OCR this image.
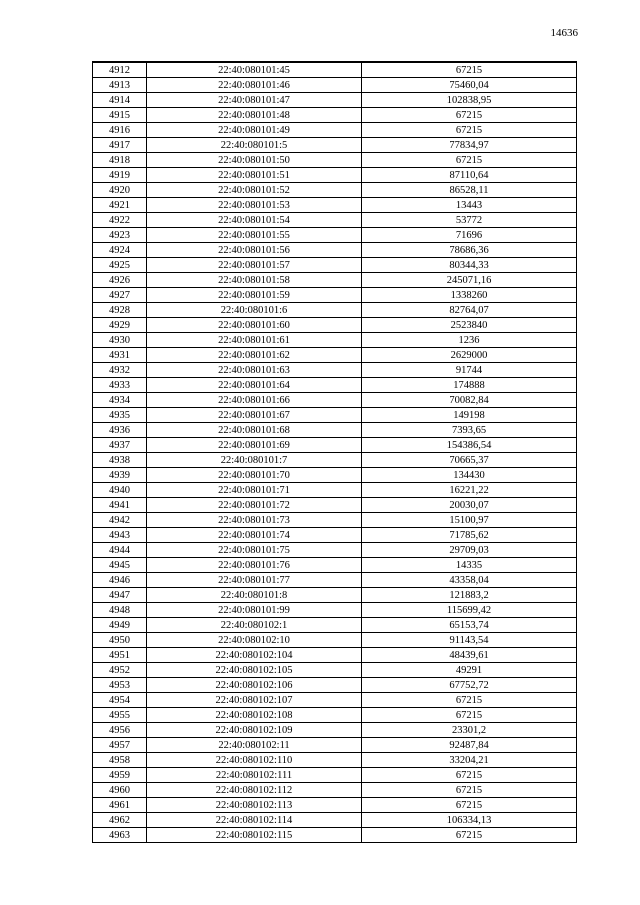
14636
4912	22:40:080101:45	67215
4913	22:40:080101:46	75460,04
4914	22:40:080101:47	102838,95
4915	22:40:080101:48	67215
4916	22:40:080101:49	67215
4917	22:40:080101:5	77834,97
4918	22:40:080101:50	67215
4919	22:40:080101:51	87110,64
4920	22:40:080101:52	86528,11
4921	22:40:080101:53	13443
4922	22:40:080101:54	53772
4923	22:40:080101:55	71696
4924	22:40:080101:56	78686,36
4925	22:40:080101:57	80344,33
4926	22:40:080101:58	245071,16
4927	22:40:080101:59	1338260
4928	22:40:080101:6	82764,07
4929	22:40:080101:60	2523840
4930	22:40:080101:61	1236
4931	22:40:080101:62	2629000
4932	22:40:080101:63	91744
4933	22:40:080101:64	174888
4934	22:40:080101:66	70082,84
4935	22:40:080101:67	149198
4936	22:40:080101:68	7393,65
4937	22:40:080101:69	154386,54
4938	22:40:080101:7	70665,37
4939	22:40:080101:70	134430
4940	22:40:080101:71	16221,22
4941	22:40:080101:72	20030,07
4942	22:40:080101:73	15100,97
4943	22:40:080101:74	71785,62
4944	22:40:080101:75	29709,03
4945	22:40:080101:76	14335
4946	22:40:080101:77	43358,04
4947	22:40:080101:8	121883,2
4948	22:40:080101:99	115699,42
4949	22:40:080102:1	65153,74
4950	22:40:080102:10	91143,54
4951	22:40:080102:104	48439,61
4952	22:40:080102:105	49291
4953	22:40:080102:106	67752,72
4954	22:40:080102:107	67215
4955	22:40:080102:108	67215
4956	22:40:080102:109	23301,2
4957	22:40:080102:11	92487,84
4958	22:40:080102:110	33204,21
4959	22:40:080102:111	67215
4960	22:40:080102:112	67215
4961	22:40:080102:113	67215
4962	22:40:080102:114	106334,13
4963	22:40:080102:115	67215
